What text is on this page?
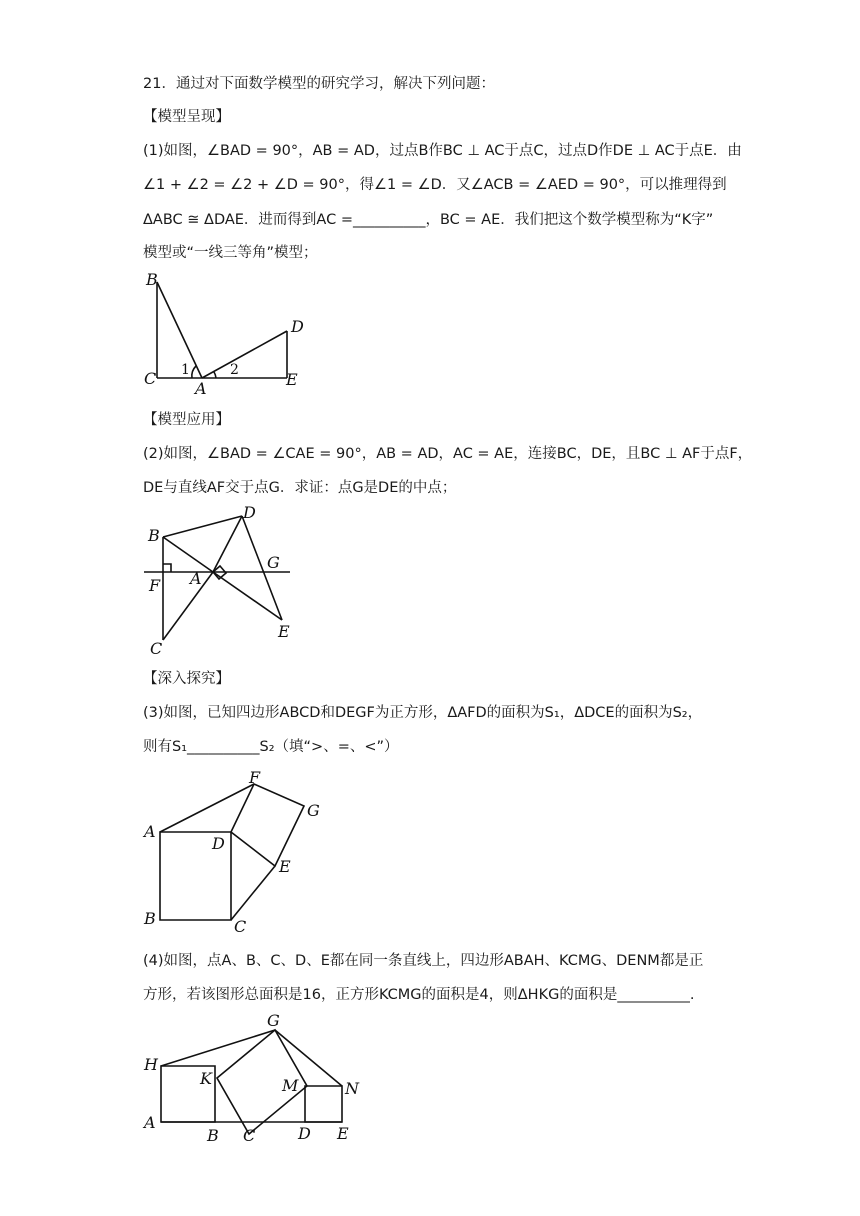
21．通过对下面数学模型的研究学习，解决下列问题：
【模型呈现】
(1)如图，∠BAD = 90°，AB = AD，过点B作BC ⊥ AC于点C，过点D作DE ⊥ AC于点E．由
∠1 + ∠2 = ∠2 + ∠D = 90°，得∠1 = ∠D．又∠ACB = ∠AED = 90°，可以推理得到
ΔABC ≅ ΔDAE．进而得到AC =__________，BC = AE．我们把这个数学模型称为“K字”
模型或“一线三等角”模型；
B
C
A	E
D
1	2
【模型应用】
(2)如图，∠BAD = ∠CAE = 90°，AB = AD，AC = AE，连接BC，DE，且BC ⊥ AF于点F，
DE与直线AF交于点G．求证：点G是DE的中点；
B
D
G
F A
C
E
【深入探究】
(3)如图，已知四边形ABCD和DEGF为正方形，ΔAFD的面积为S₁，ΔDCE的面积为S₂，
则有S₁__________S₂（填“>、=、<”）
F
G
A
D
E
B	C
(4)如图，点A、B、C、D、E都在同一条直线上，四边形ABAH、KCMG、DENM都是正
方形，若该图形总面积是16，正方形KCMG的面积是4，则ΔHKG的面积是__________.
G
H
K	M	N
A
B C	D E
